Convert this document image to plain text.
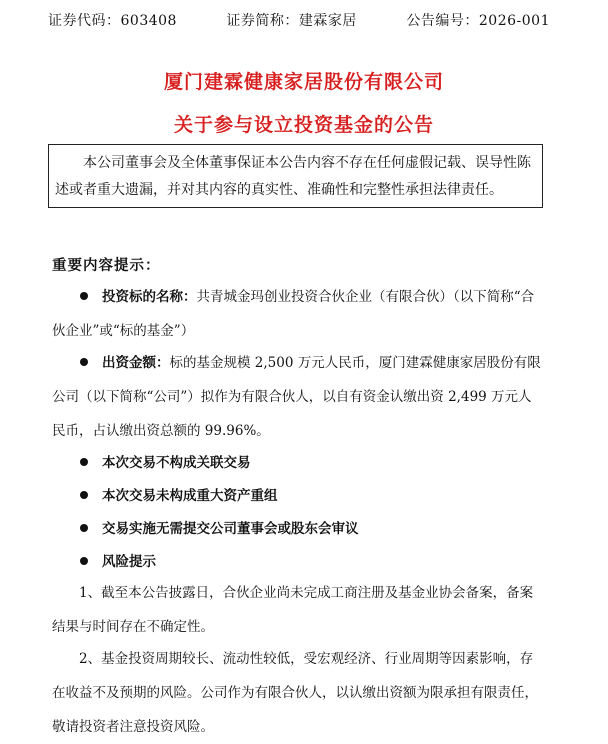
证券代码：603408	证券简称：建霖家居	公告编号：2026-001
厦门建霖健康家居股份有限公司
关于参与设立投资基金的公告
本公司董事会及全体董事保证本公告内容不存在任何虚假记载、误导性陈述或者重大遗漏，并对其内容的真实性、准确性和完整性承担法律责任。
重要内容提示：
投资标的名称：共青城金玛创业投资合伙企业（有限合伙）（以下简称“合伙企业”或“标的基金”）
出资金额：标的基金规模 2,500 万元人民币，厦门建霖健康家居股份有限公司（以下简称“公司”）拟作为有限合伙人，以自有资金认缴出资 2,499 万元人民币，占认缴出资总额的 99.96%。
本次交易不构成关联交易
本次交易未构成重大资产重组
交易实施无需提交公司董事会或股东会审议
风险提示
1、截至本公告披露日，合伙企业尚未完成工商注册及基金业协会备案，备案结果与时间存在不确定性。
2、基金投资周期较长、流动性较低，受宏观经济、行业周期等因素影响，存在收益不及预期的风险。公司作为有限合伙人，以认缴出资额为限承担有限责任，敬请投资者注意投资风险。
